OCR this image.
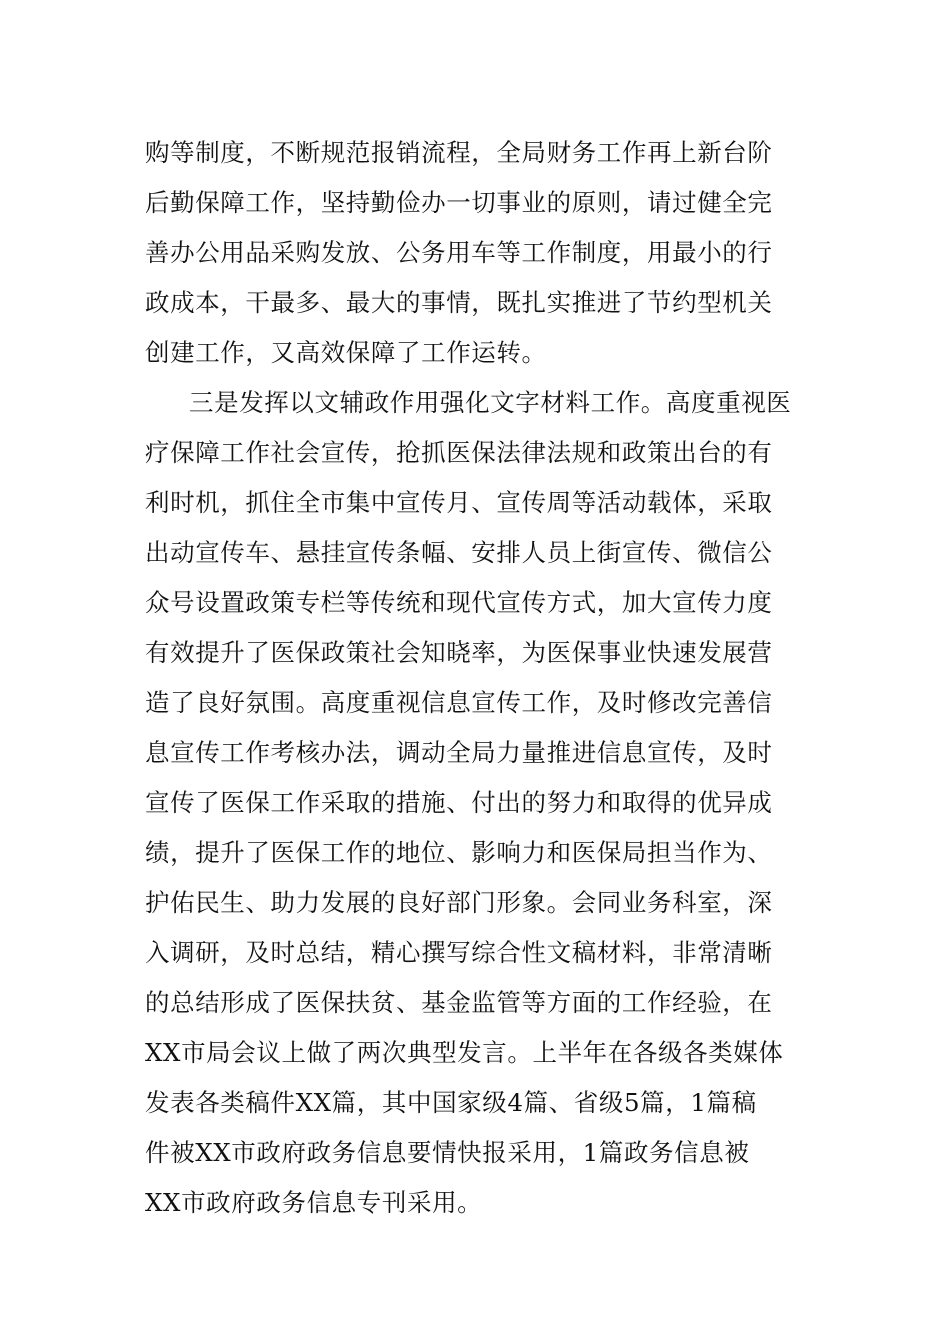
购等制度，不断规范报销流程，全局财务工作再上新台阶
后勤保障工作，坚持勤俭办一切事业的原则，请过健全完
善办公用品采购发放、公务用车等工作制度，用最小的行
政成本，干最多、最大的事情，既扎实推进了节约型机关
创建工作，又高效保障了工作运转。
三是发挥以文辅政作用强化文字材料工作。高度重视医
疗保障工作社会宣传，抢抓医保法律法规和政策出台的有
利时机，抓住全市集中宣传月、宣传周等活动载体，采取
出动宣传车、悬挂宣传条幅、安排人员上街宣传、微信公
众号设置政策专栏等传统和现代宣传方式，加大宣传力度
有效提升了医保政策社会知晓率，为医保事业快速发展营
造了良好氛围。高度重视信息宣传工作，及时修改完善信
息宣传工作考核办法，调动全局力量推进信息宣传，及时
宣传了医保工作采取的措施、付出的努力和取得的优异成
绩，提升了医保工作的地位、影响力和医保局担当作为、
护佑民生、助力发展的良好部门形象。会同业务科室，深
入调研，及时总结，精心撰写综合性文稿材料，非常清晰
的总结形成了医保扶贫、基金监管等方面的工作经验，在
XX市局会议上做了两次典型发言。上半年在各级各类媒体
发表各类稿件XX篇，其中国家级4篇、省级5篇，1篇稿
件被XX市政府政务信息要情快报采用，1篇政务信息被
XX市政府政务信息专刊采用。
